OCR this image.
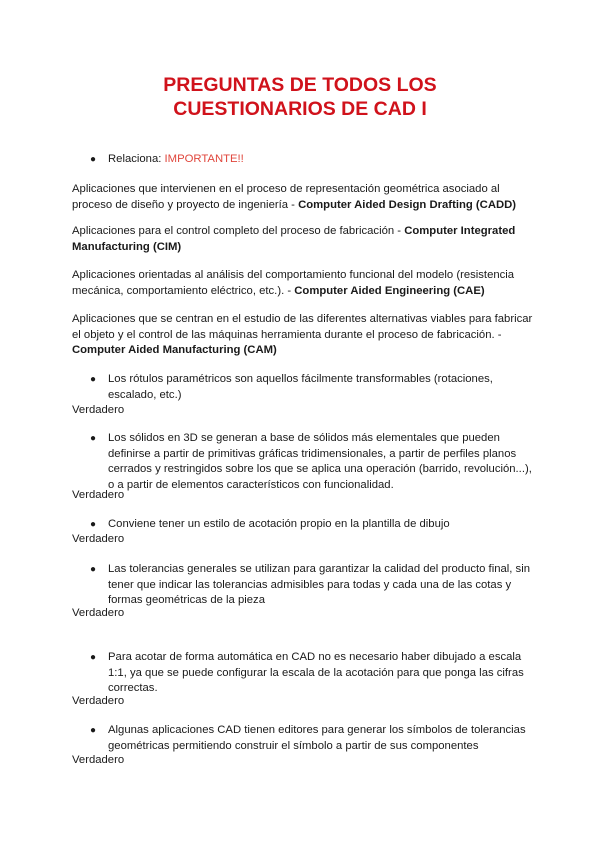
PREGUNTAS DE TODOS LOS
CUESTIONARIOS DE CAD I
● Relaciona: IMPORTANTE!!

Aplicaciones que intervienen en el proceso de representación geométrica asociado al proceso de diseño y proyecto de ingeniería - Computer Aided Design Drafting (CADD)

Aplicaciones para el control completo del proceso de fabricación - Computer Integrated Manufacturing (CIM)

Aplicaciones orientadas al análisis del comportamiento funcional del modelo (resistencia mecánica, comportamiento eléctrico, etc.). - Computer Aided Engineering (CAE)

Aplicaciones que se centran en el estudio de las diferentes alternativas viables para fabricar el objeto y el control de las máquinas herramienta durante el proceso de fabricación. - Computer Aided Manufacturing (CAM)

● Los rótulos paramétricos son aquellos fácilmente transformables (rotaciones, escalado, etc.)
Verdadero
● Los sólidos en 3D se generan a base de sólidos más elementales que pueden definirse a partir de primitivas gráficas tridimensionales, a partir de perfiles planos cerrados y restringidos sobre los que se aplica una operación (barrido, revolución...), o a partir de elementos característicos con funcionalidad.
Verdadero
● Conviene tener un estilo de acotación propio en la plantilla de dibujo
Verdadero
● Las tolerancias generales se utilizan para garantizar la calidad del producto final, sin tener que indicar las tolerancias admisibles para todas y cada una de las cotas y formas geométricas de la pieza
Verdadero
● Para acotar de forma automática en CAD no es necesario haber dibujado a escala 1:1, ya que se puede configurar la escala de la acotación para que ponga las cifras correctas.
Verdadero
● Algunas aplicaciones CAD tienen editores para generar los símbolos de tolerancias geométricas permitiendo construir el símbolo a partir de sus componentes
Verdadero
